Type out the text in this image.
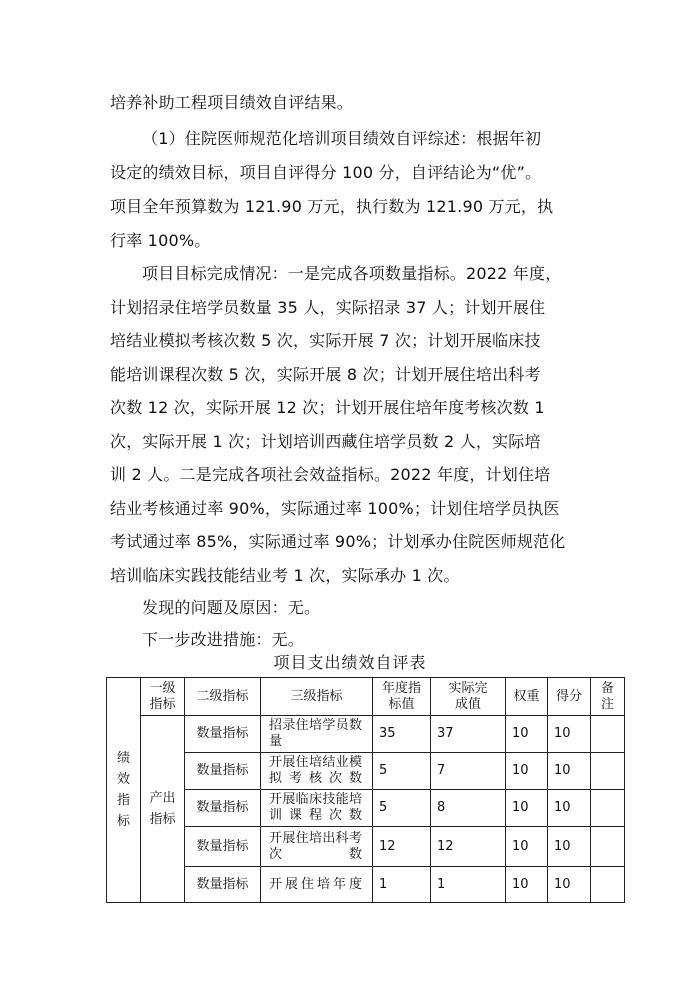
培养补助工程项目绩效自评结果。
（1）住院医师规范化培训项目绩效自评综述：根据年初
设定的绩效目标，项目自评得分 100 分，自评结论为“优”。
项目全年预算数为 121.90 万元，执行数为 121.90 万元，执
行率 100%。
项目目标完成情况：一是完成各项数量指标。2022 年度，
计划招录住培学员数量 35 人，实际招录 37 人；计划开展住
培结业模拟考核次数 5 次，实际开展 7 次；计划开展临床技
能培训课程次数 5 次，实际开展 8 次；计划开展住培出科考
次数 12 次，实际开展 12 次；计划开展住培年度考核次数 1
次，实际开展 1 次；计划培训西藏住培学员数 2 人，实际培
训 2 人。二是完成各项社会效益指标。2022 年度，计划住培
结业考核通过率 90%，实际通过率 100%；计划住培学员执医
考试通过率 85%，实际通过率 90%；计划承办住院医师规范化
培训临床实践技能结业考 1 次，实际承办 1 次。
发现的问题及原因：无。
下一步改进措施：无。
项目支出绩效自评表
绩效指标	一级指标	二级指标	三级指标	年度指标值	实际完成值	权重	得分	备注
	产出指标	数量指标	招录住培学员数量	35	37	10	10	
		数量指标	开展住培结业模拟考核次数	5	7	10	10	
		数量指标	开展临床技能培训课程次数	5	8	10	10	
		数量指标	开展住培出科考次数	12	12	10	10	
		数量指标	开展住培年度	1	1	10	10	
